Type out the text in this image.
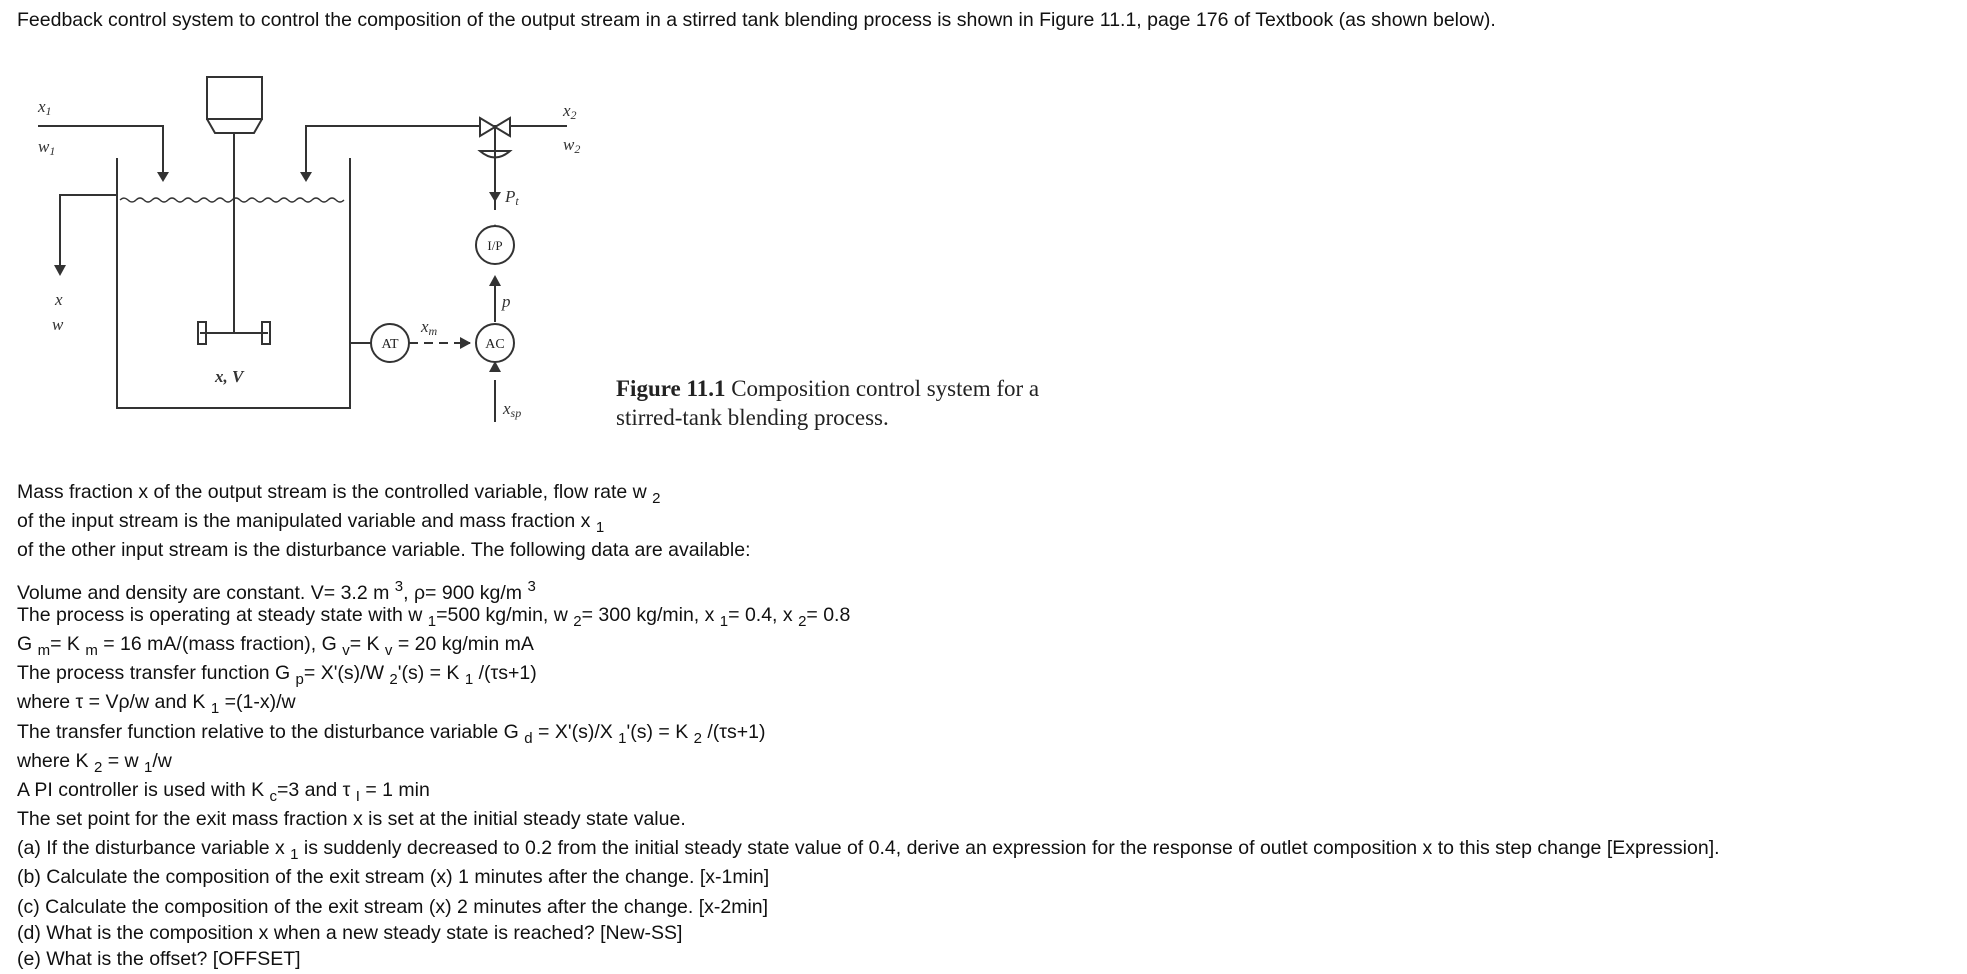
Feedback control system to control the composition of the output stream in a stirred tank blending process is shown in Figure 11.1, page 176 of Textbook (as shown below).
AT	AC
I/P
x1
w1
x2
w2
x
w
x, V
Pt
p
xm
xsp
Figure 11.1 Composition control system for a
stirred-tank blending process.
Mass fraction x of the output stream is the controlled variable, flow rate w $_2$
of the input stream is the manipulated variable and mass fraction x $_1$
of the other input stream is the disturbance variable. The following data are available:
Volume and density are constant. V= 3.2 m $^3$, ρ= 900 kg/m $^3$
The process is operating at steady state with w $_1$=500 kg/min, w $_2$= 300 kg/min, x $_1$= 0.4, x $_2$= 0.8
G $_m$= K $_m$ = 16 mA/(mass fraction), G $_v$= K $_v$ = 20 kg/min mA
The process transfer function G $_p$= X'(s)/W $_2$'(s) = K $_1$ /(τs+1)
where τ = Vρ/w and K $_1$ =(1-x)/w
The transfer function relative to the disturbance variable G $_d$ = X'(s)/X $_1$'(s) = K $_2$ /(τs+1)
where K $_2$ = w $_1$/w
A PI controller is used with K $_c$=3 and τ $_I$ = 1 min
The set point for the exit mass fraction x is set at the initial steady state value.
(a) If the disturbance variable x $_1$ is suddenly decreased to 0.2 from the initial steady state value of 0.4, derive an expression for the response of outlet composition x to this step change [Expression].
(b) Calculate the composition of the exit stream (x) 1 minutes after the change. [x-1min]
(c) Calculate the composition of the exit stream (x) 2 minutes after the change. [x-2min]
(d) What is the composition x when a new steady state is reached? [New-SS]
(e) What is the offset? [OFFSET]
